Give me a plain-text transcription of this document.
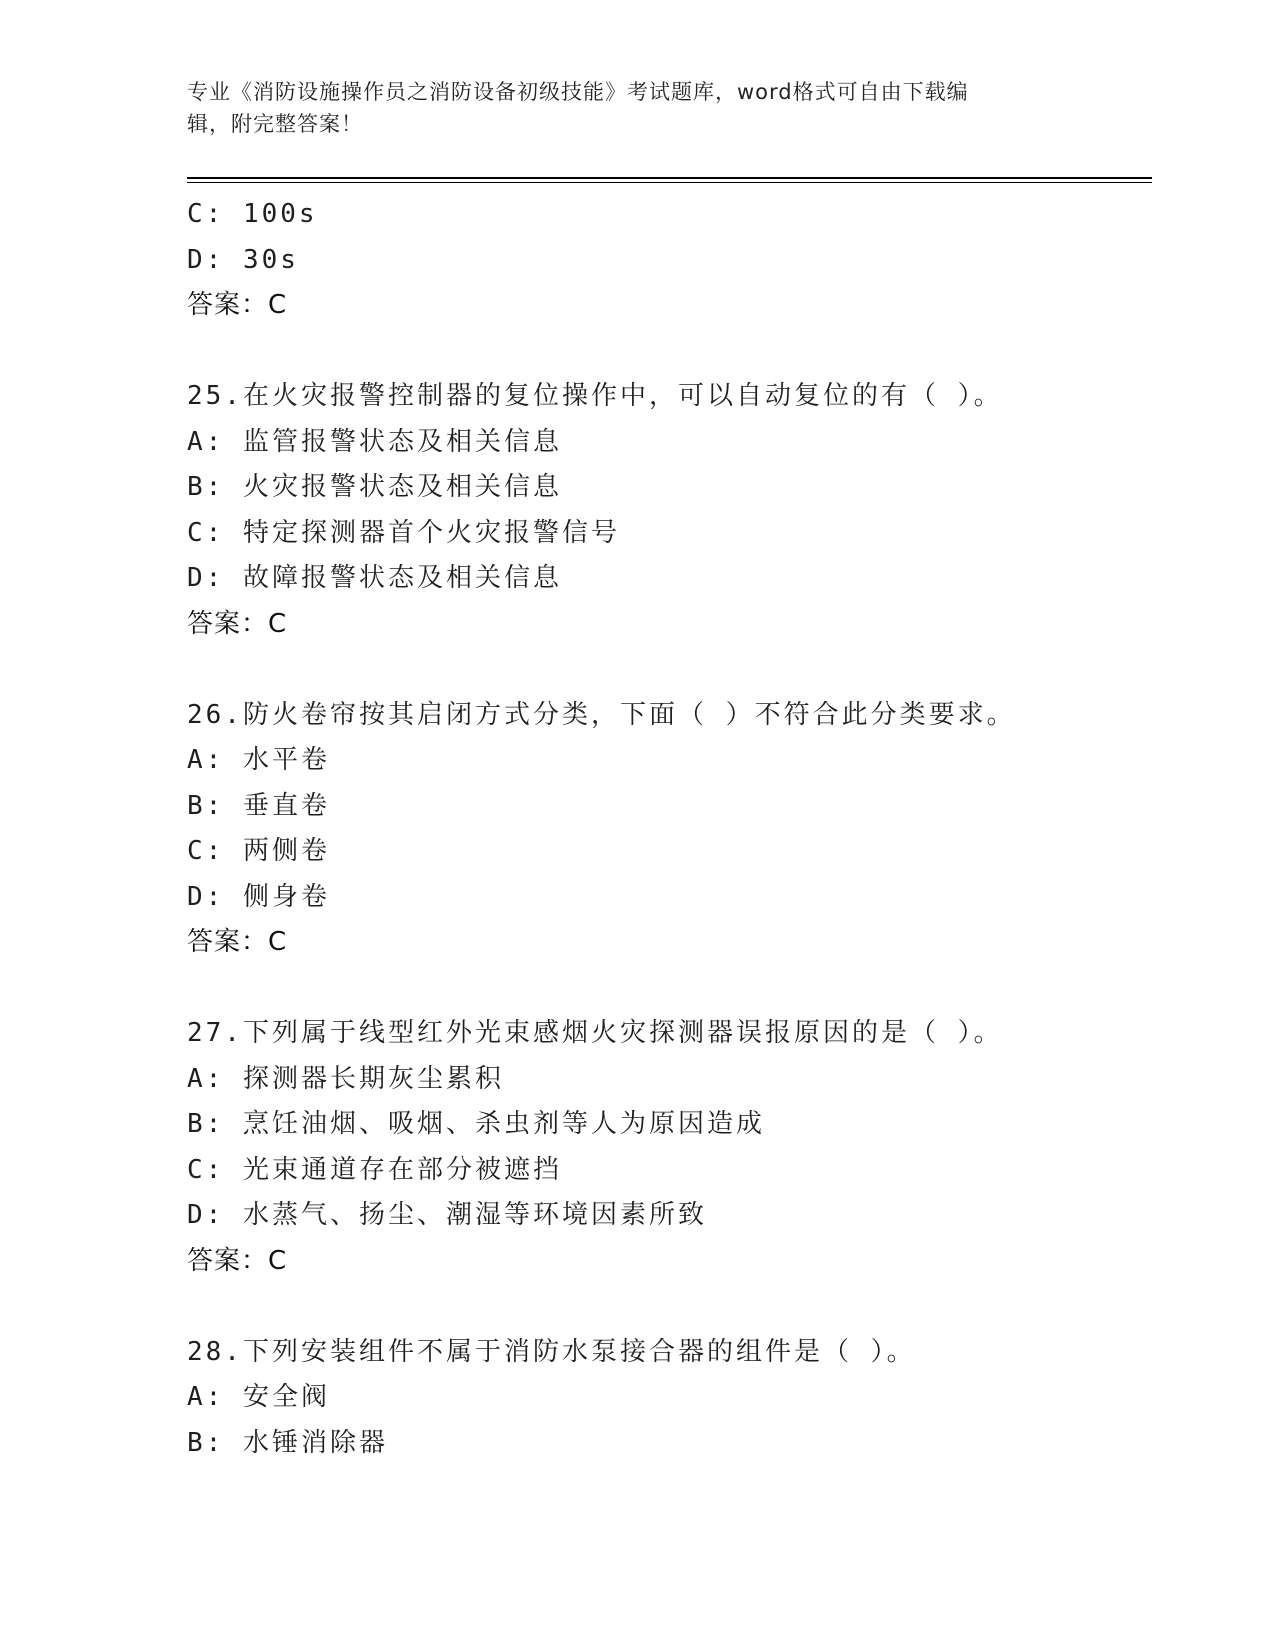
专业《消防设施操作员之消防设备初级技能》考试题库，word格式可自由下载编
辑，附完整答案！
C: 100s
D: 30s
答案：C
25.在火灾报警控制器的复位操作中，可以自动复位的有（ ）。
A: 监管报警状态及相关信息
B: 火灾报警状态及相关信息
C: 特定探测器首个火灾报警信号
D: 故障报警状态及相关信息
答案：C
26.防火卷帘按其启闭方式分类，下面（ ）不符合此分类要求。
A: 水平卷
B: 垂直卷
C: 两侧卷
D: 侧身卷
答案：C
27.下列属于线型红外光束感烟火灾探测器误报原因的是（ ）。
A: 探测器长期灰尘累积
B: 烹饪油烟、吸烟、杀虫剂等人为原因造成
C: 光束通道存在部分被遮挡
D: 水蒸气、扬尘、潮湿等环境因素所致
答案：C
28.下列安装组件不属于消防水泵接合器的组件是（ ）。
A: 安全阀
B: 水锤消除器
